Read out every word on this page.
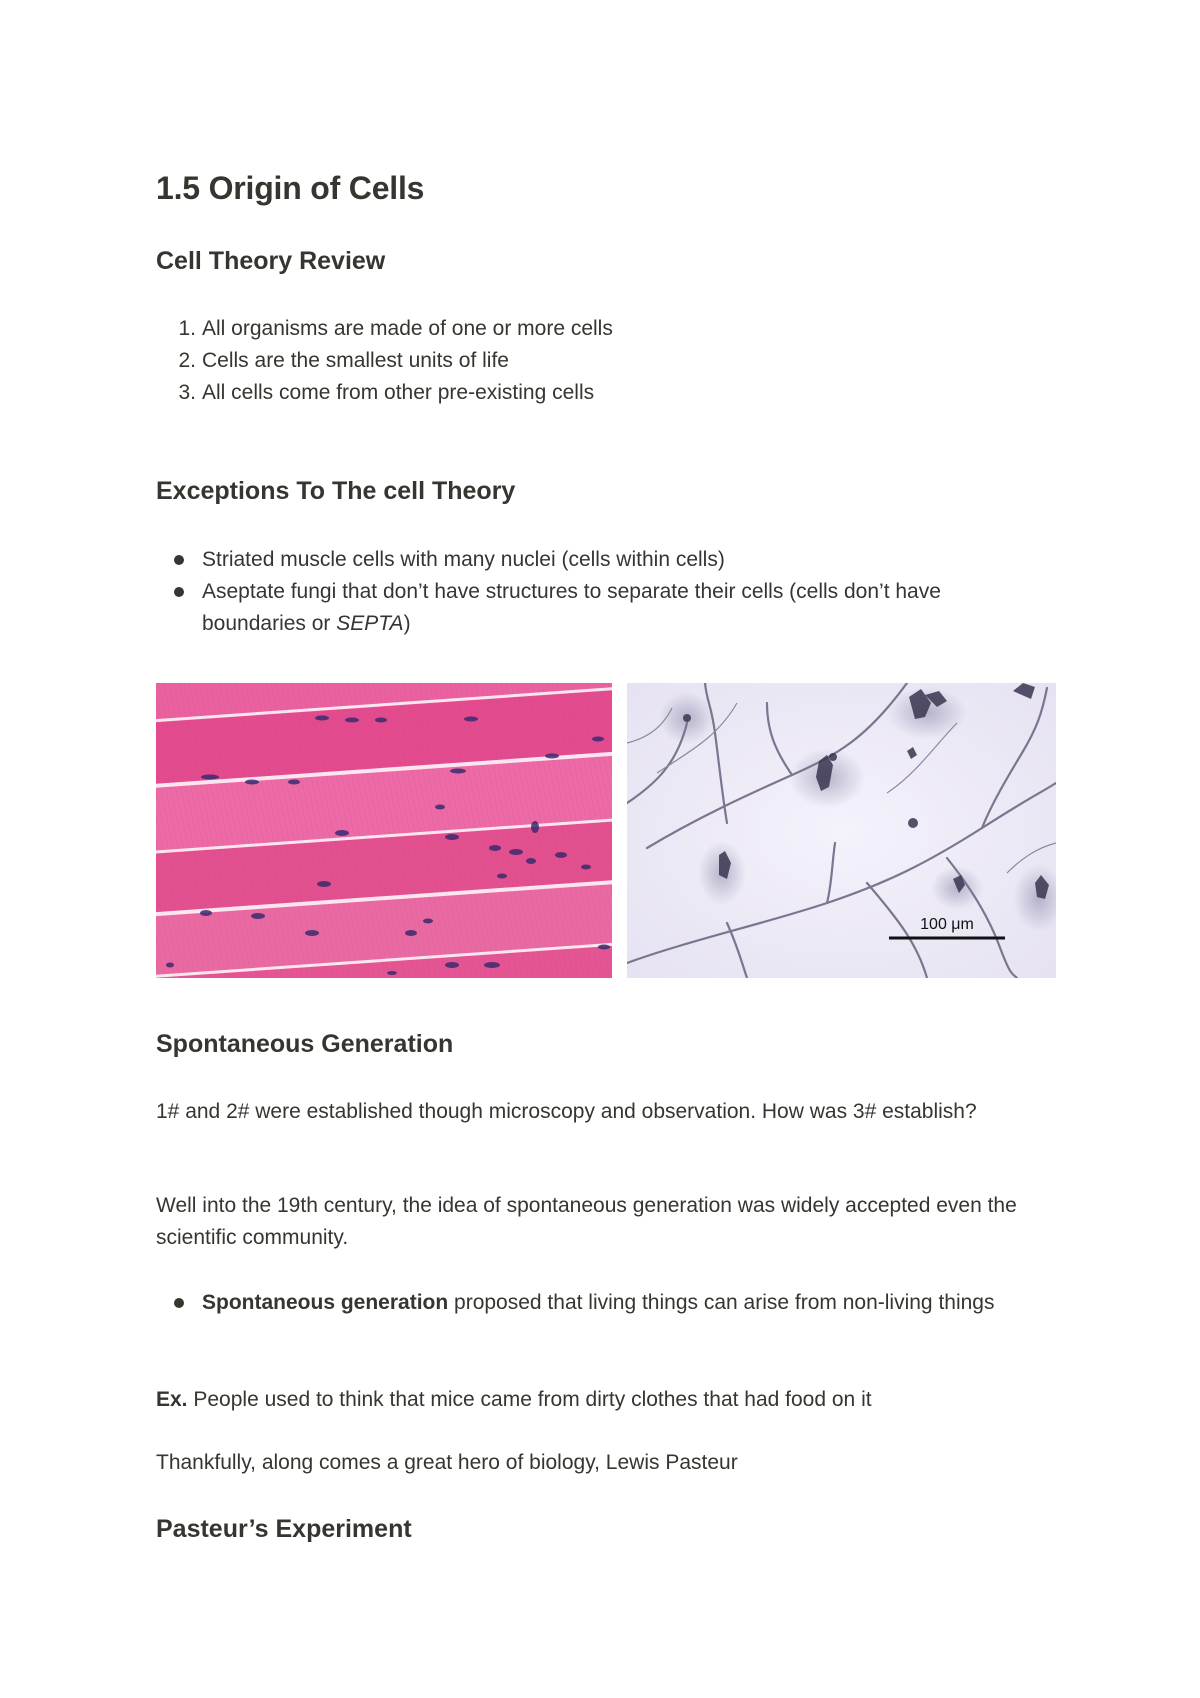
1.5 Origin of Cells
Cell Theory Review
1. All organisms are made of one or more cells
2. Cells are the smallest units of life
3. All cells come from other pre-existing cells
Exceptions To The cell Theory
Striated muscle cells with many nuclei (cells within cells)
Aseptate fungi that don’t have structures to separate their cells (cells don’t have boundaries or SEPTA)
100 μm
Spontaneous Generation

1# and 2# were established though microscopy and observation. How was 3# establish?

Well into the 19th century, the idea of spontaneous generation was widely accepted even the scientific community.

Spontaneous generation proposed that living things can arise from non-living things

Ex. People used to think that mice came from dirty clothes that had food on it

Thankfully, along comes a great hero of biology, Lewis Pasteur

Pasteur’s Experiment
